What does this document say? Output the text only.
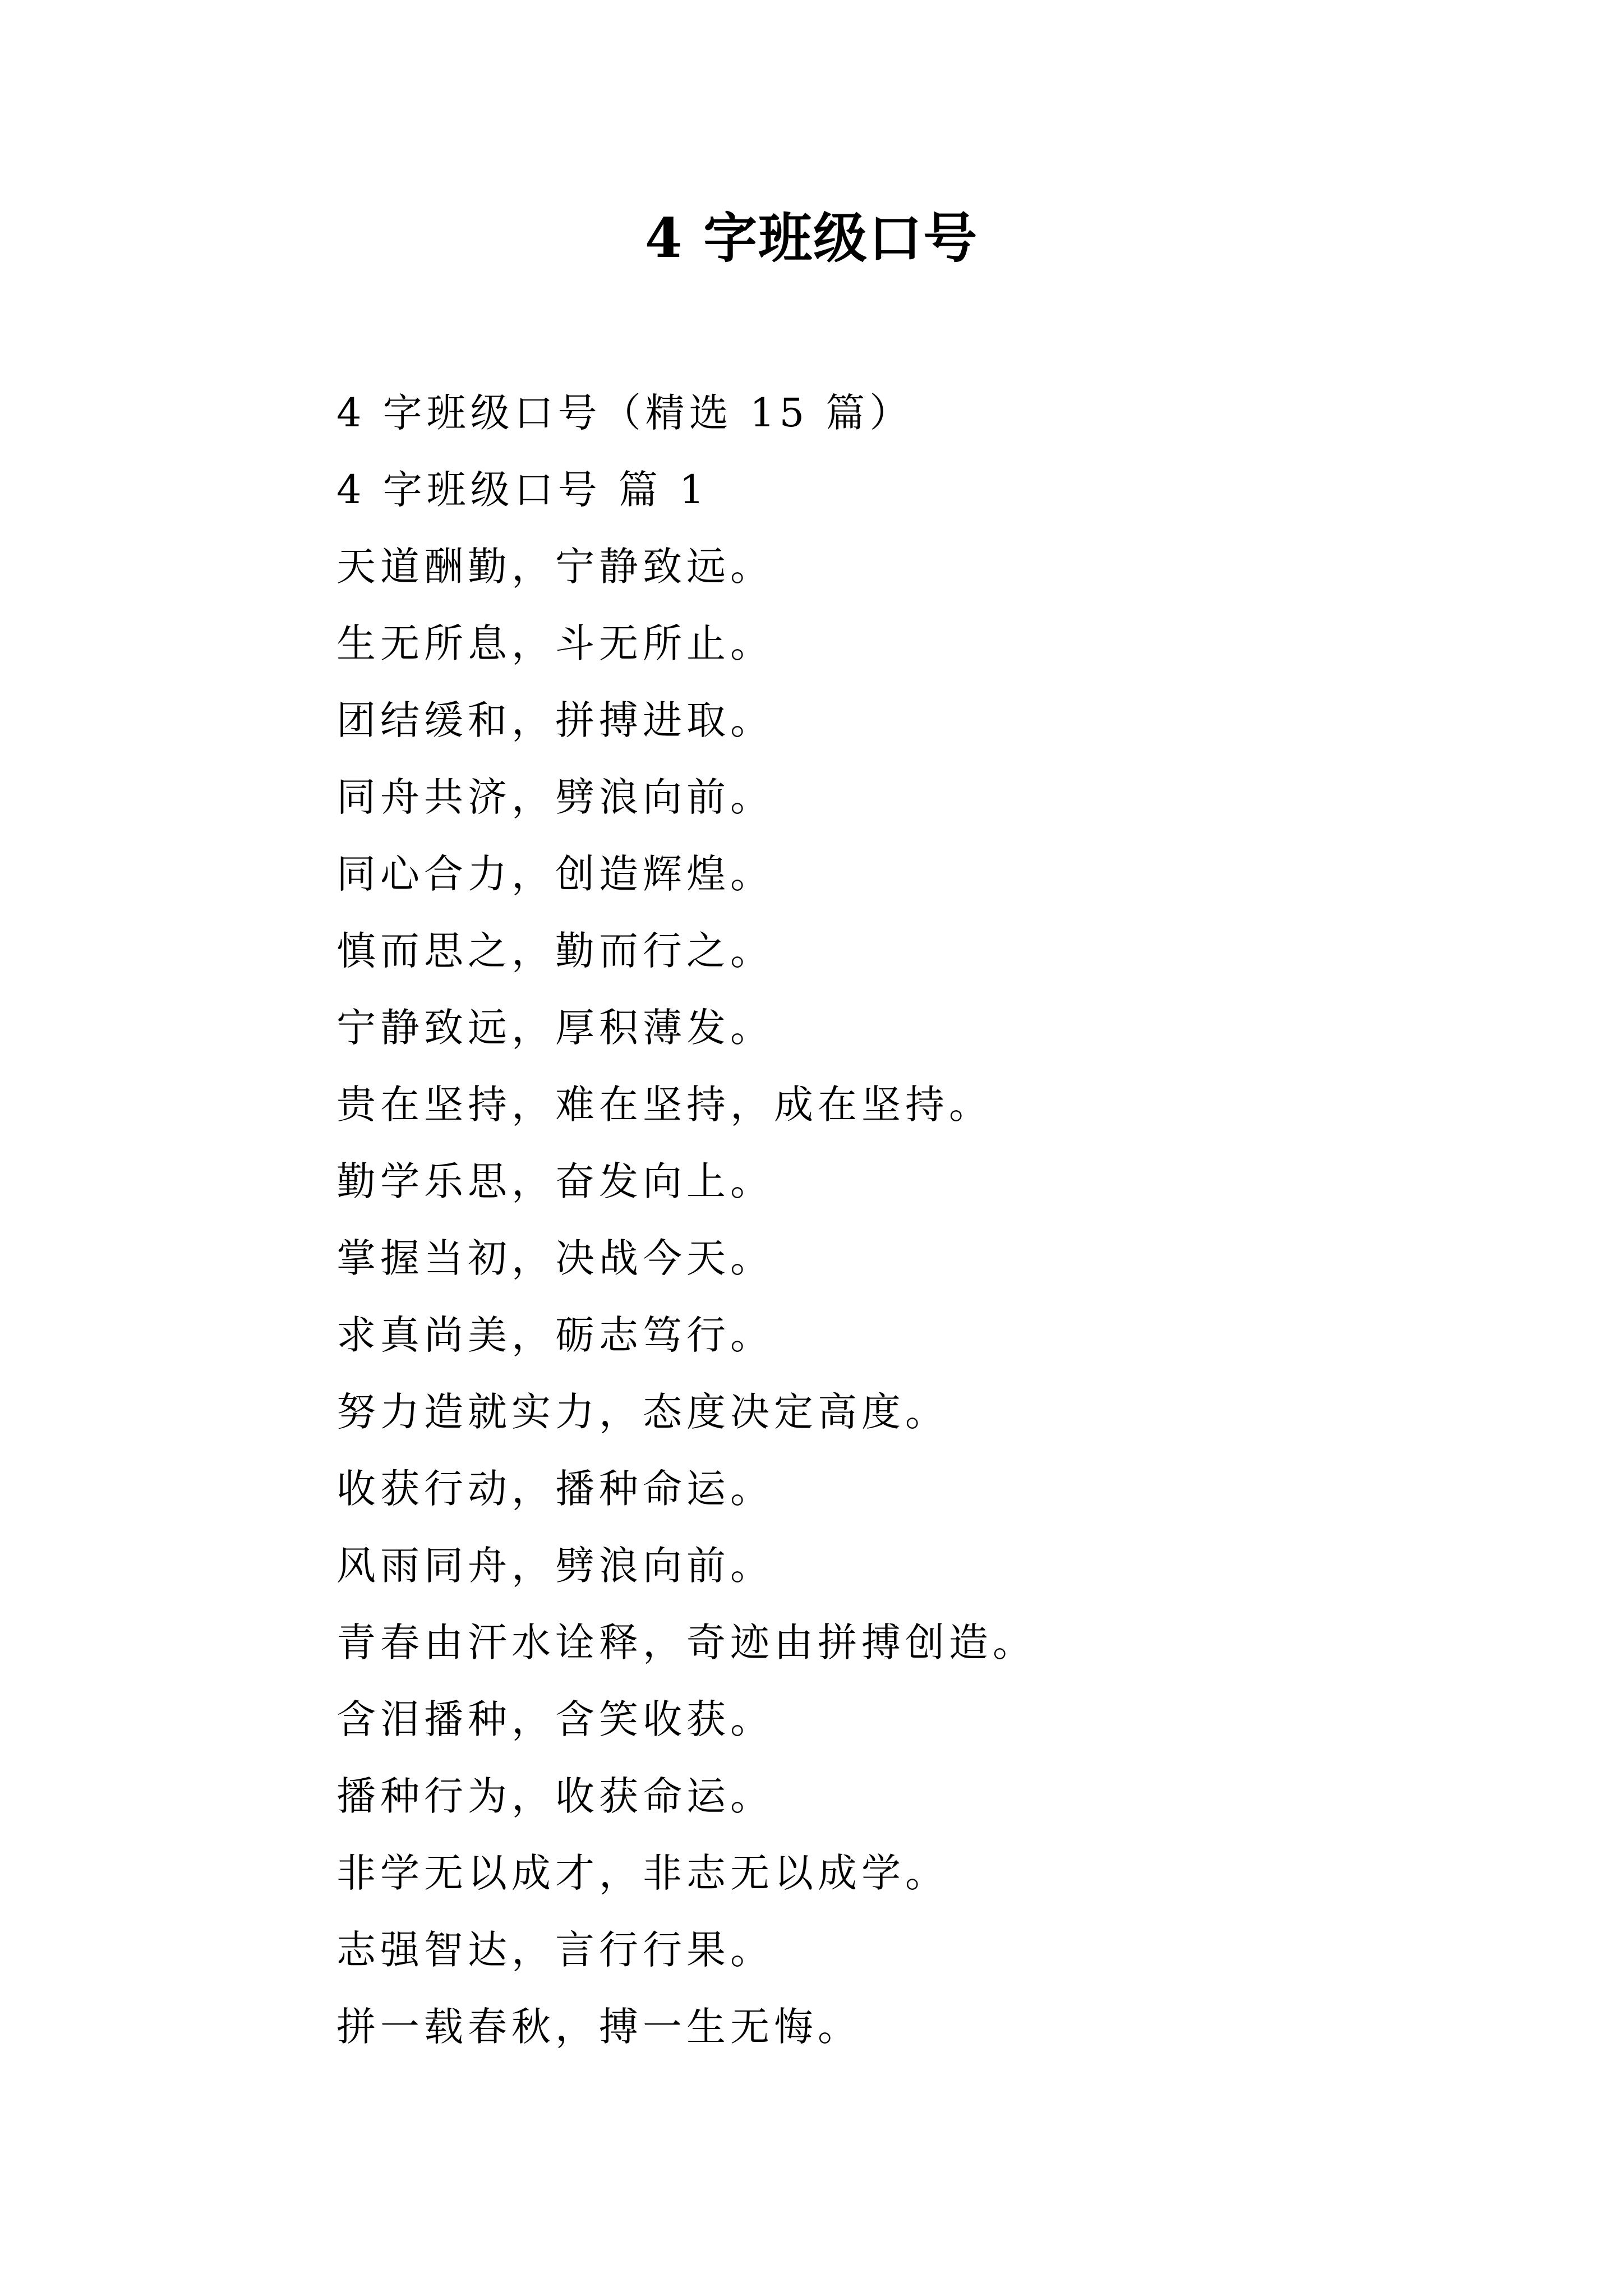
4 字班级口号
4 字班级口号（精选 15 篇）
4 字班级口号 篇 1
天道酬勤，宁静致远。
生无所息，斗无所止。
团结缓和，拼搏进取。
同舟共济，劈浪向前。
同心合力，创造辉煌。
慎而思之，勤而行之。
宁静致远，厚积薄发。
贵在坚持，难在坚持，成在坚持。
勤学乐思，奋发向上。
掌握当初，决战今天。
求真尚美，砺志笃行。
努力造就实力，态度决定高度。
收获行动，播种命运。
风雨同舟，劈浪向前。
青春由汗水诠释，奇迹由拼搏创造。
含泪播种，含笑收获。
播种行为，收获命运。
非学无以成才，非志无以成学。
志强智达，言行行果。
拼一载春秋，搏一生无悔。
